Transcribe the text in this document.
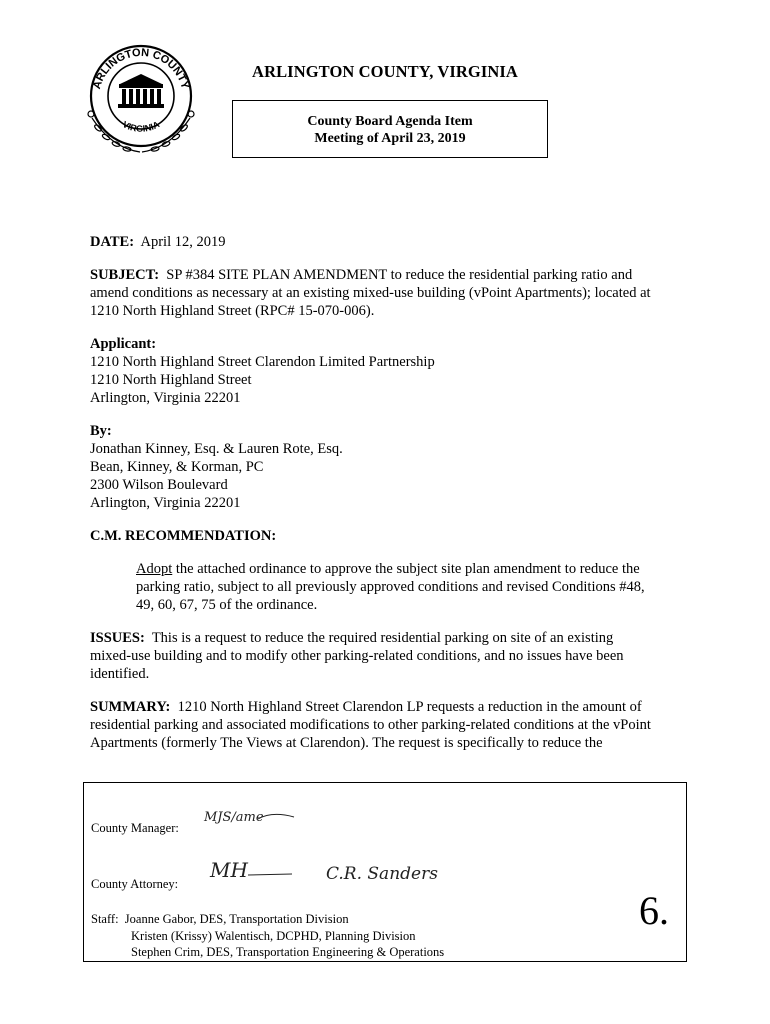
ARLINGTON COUNTY
VIRGINIA
ARLINGTON COUNTY, VIRGINIA
County Board Agenda Item
Meeting of April 23, 2019

DATE: April 12, 2019

SUBJECT: SP #384 SITE PLAN AMENDMENT to reduce the residential parking ratio and
amend conditions as necessary at an existing mixed-use building (vPoint Apartments); located at
1210 North Highland Street (RPC# 15-070-006).

Applicant:
1210 North Highland Street Clarendon Limited Partnership
1210 North Highland Street
Arlington, Virginia 22201

By:
Jonathan Kinney, Esq. & Lauren Rote, Esq.
Bean, Kinney, & Korman, PC
2300 Wilson Boulevard
Arlington, Virginia 22201

C.M. RECOMMENDATION:

Adopt the attached ordinance to approve the subject site plan amendment to reduce the
parking ratio, subject to all previously approved conditions and revised Conditions #48,
49, 60, 67, 75 of the ordinance.

ISSUES: This is a request to reduce the required residential parking on site of an existing
mixed-use building and to modify other parking-related conditions, and no issues have been
identified.

SUMMARY: 1210 North Highland Street Clarendon LP requests a reduction in the amount of
residential parking and associated modifications to other parking-related conditions at the vPoint
Apartments (formerly The Views at Clarendon). The request is specifically to reduce the

County Manager:
MJS/ame
County Attorney:
MH	C.R. Sanders
Staff: Joanne Gabor, DES, Transportation Division
Kristen (Krissy) Walentisch, DCPHD, Planning Division
Stephen Crim, DES, Transportation Engineering & Operations
6.
